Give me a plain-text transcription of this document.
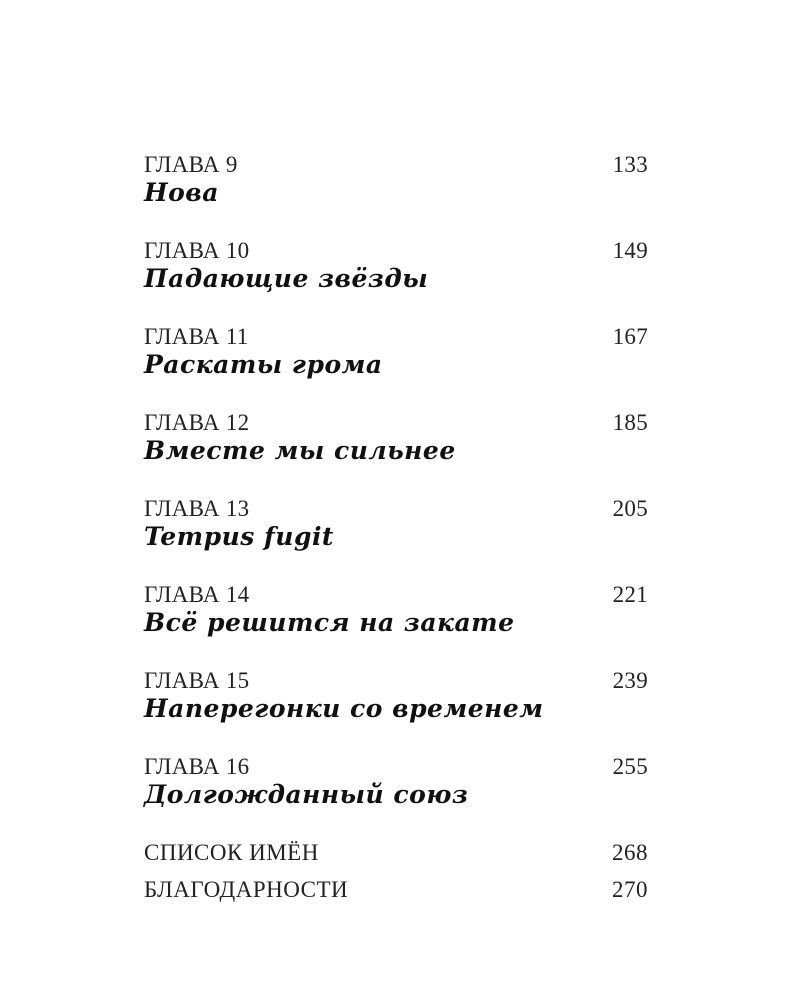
ГЛАВА 9	133
Нова
ГЛАВА 10	149
Падающие звёзды
ГЛАВА 11	167
Раскаты грома
ГЛАВА 12	185
Вместе мы сильнее
ГЛАВА 13	205
Tempus fugit
ГЛАВА 14	221
Всё решится на закате
ГЛАВА 15	239
Наперегонки со временем
ГЛАВА 16	255
Долгожданный союз
СПИСОК ИМЁН	268
БЛАГОДАРНОСТИ	270
